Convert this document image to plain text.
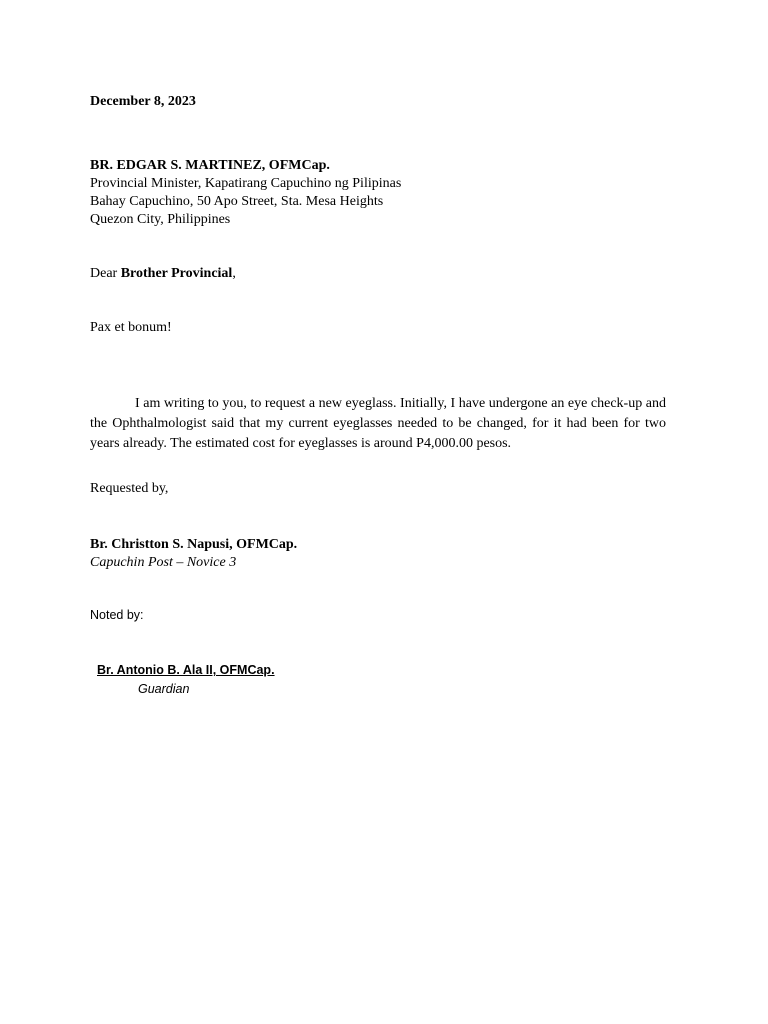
December 8, 2023
BR. EDGAR S. MARTINEZ, OFMCap.
Provincial Minister, Kapatirang Capuchino ng Pilipinas
Bahay Capuchino, 50 Apo Street, Sta. Mesa Heights
Quezon City, Philippines
Dear Brother Provincial,
Pax et bonum!
I am writing to you, to request a new eyeglass. Initially, I have undergone an eye check-up and the Ophthalmologist said that my current eyeglasses needed to be changed, for it had been for two years already. The estimated cost for eyeglasses is around P4,000.00 pesos.
Requested by,
Br. Christton S. Napusi, OFMCap.
Capuchin Post – Novice 3
Noted by:
Br. Antonio B. Ala II, OFMCap.
Guardian
